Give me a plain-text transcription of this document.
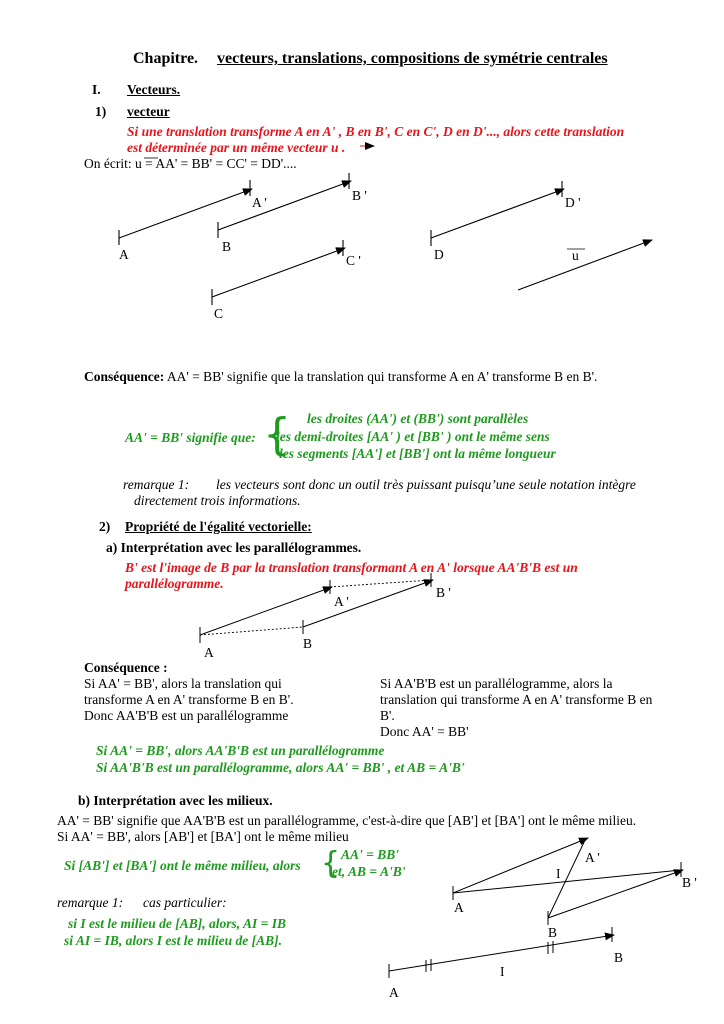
Chapitre. vecteurs, translations, compositions de symétrie centrales
I. Vecteurs.
1) vecteur
Si une translation transforme A en A' , B en B', C en C', D en D'..., alors cette translation
est déterminée par un même vecteur u .
On écrit: u = AA' = BB' = CC' = DD'....
A
A '
B
B '
C
C '	D
D '
u
Conséquence: AA' = BB' signifie que la translation qui transforme A en A' transforme B en B'.
AA' = BB' signifie que: { les droites (AA') et (BB') sont parallèles
les demi-droites [AA' ) et [BB' ) ont le même sens
les segments [AA'] et [BB'] ont la même longueur
remarque 1: les vecteurs sont donc un outil très puissant puisqu’une seule notation intègre
directement trois informations.
2) Propriété de l'égalité vectorielle:
a) Interprétation avec les parallélogrammes.
B' est l'image de B par la translation transformant A en A' lorsque AA'B'B est un
parallélogramme.
A
A '
B
B '
Conséquence :
Si AA' = BB', alors la translation qui
transforme A en A' transforme B en B'.
Donc AA'B'B est un parallélogramme
Si AA'B'B est un parallélogramme, alors la
translation qui transforme A en A' transforme B en
B'.
Donc AA' = BB'
Si AA' = BB', alors AA'B'B est un parallélogramme
Si AA'B'B est un parallélogramme, alors AA' = BB' , et AB = A'B'
b) Interprétation avec les milieux.
AA' = BB' signifie que AA'B'B est un parallélogramme, c'est-à-dire que [AB'] et [BA'] ont le même milieu.
Si AA' = BB', alors [AB'] et [BA'] ont le même milieu
Si [AB'] et [BA'] ont le même milieu, alors { AA' = BB'
et, AB = A'B'
A
A '
B
B '
I
remarque 1: cas particulier:
si I est le milieu de [AB], alors, AI = IB
si AI = IB, alors I est le milieu de [AB].
A
B
I
